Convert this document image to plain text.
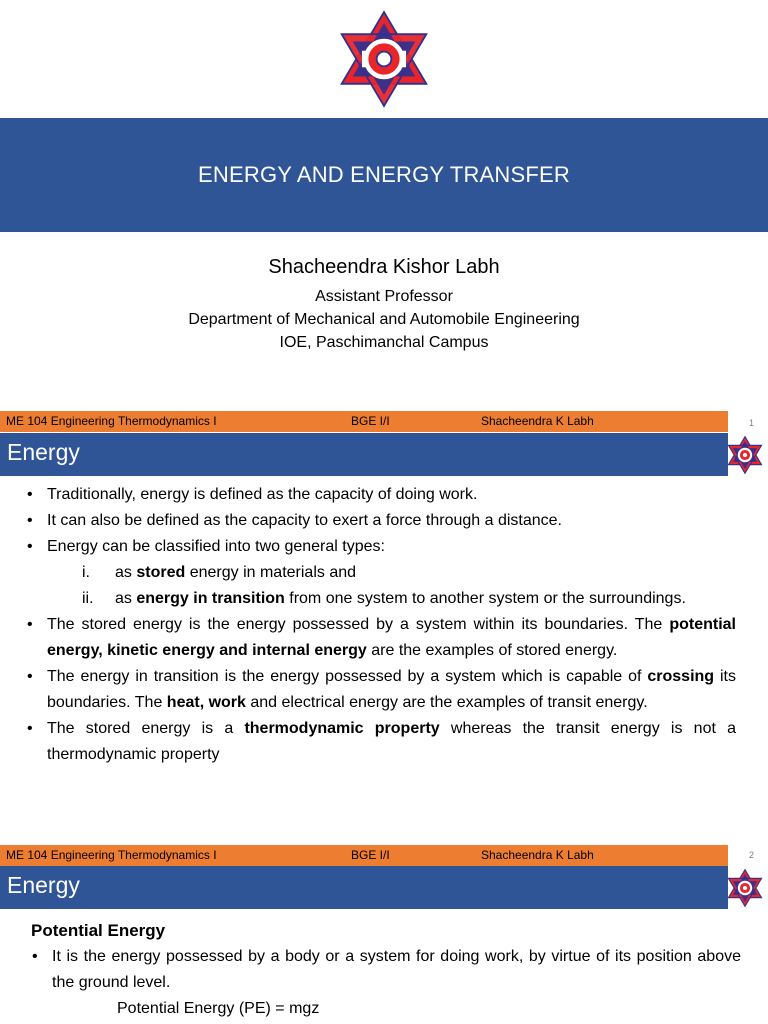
ENERGY AND ENERGY TRANSFER
Shacheendra Kishor Labh
Assistant Professor
Department of Mechanical and Automobile Engineering
IOE, Paschimanchal Campus
ME 104 Engineering Thermodynamics I	BGE I/I	Shacheendra K Labh	1
Energy
• Traditionally, energy is defined as the capacity of doing work.
• It can also be defined as the capacity to exert a force through a distance.
• Energy can be classified into two general types:
i. as stored energy in materials and
ii. as energy in transition from one system to another system or the surroundings.
• The stored energy is the energy possessed by a system within its boundaries. The potential energy, kinetic energy and internal energy are the examples of stored energy.
• The energy in transition is the energy possessed by a system which is capable of crossing its boundaries. The heat, work and electrical energy are the examples of transit energy.
• The stored energy is a thermodynamic property whereas the transit energy is not a thermodynamic property
ME 104 Engineering Thermodynamics I	BGE I/I	Shacheendra K Labh	2
Energy
Potential Energy
• It is the energy possessed by a body or a system for doing work, by virtue of its position above the ground level.
Potential Energy (PE) = mgz
